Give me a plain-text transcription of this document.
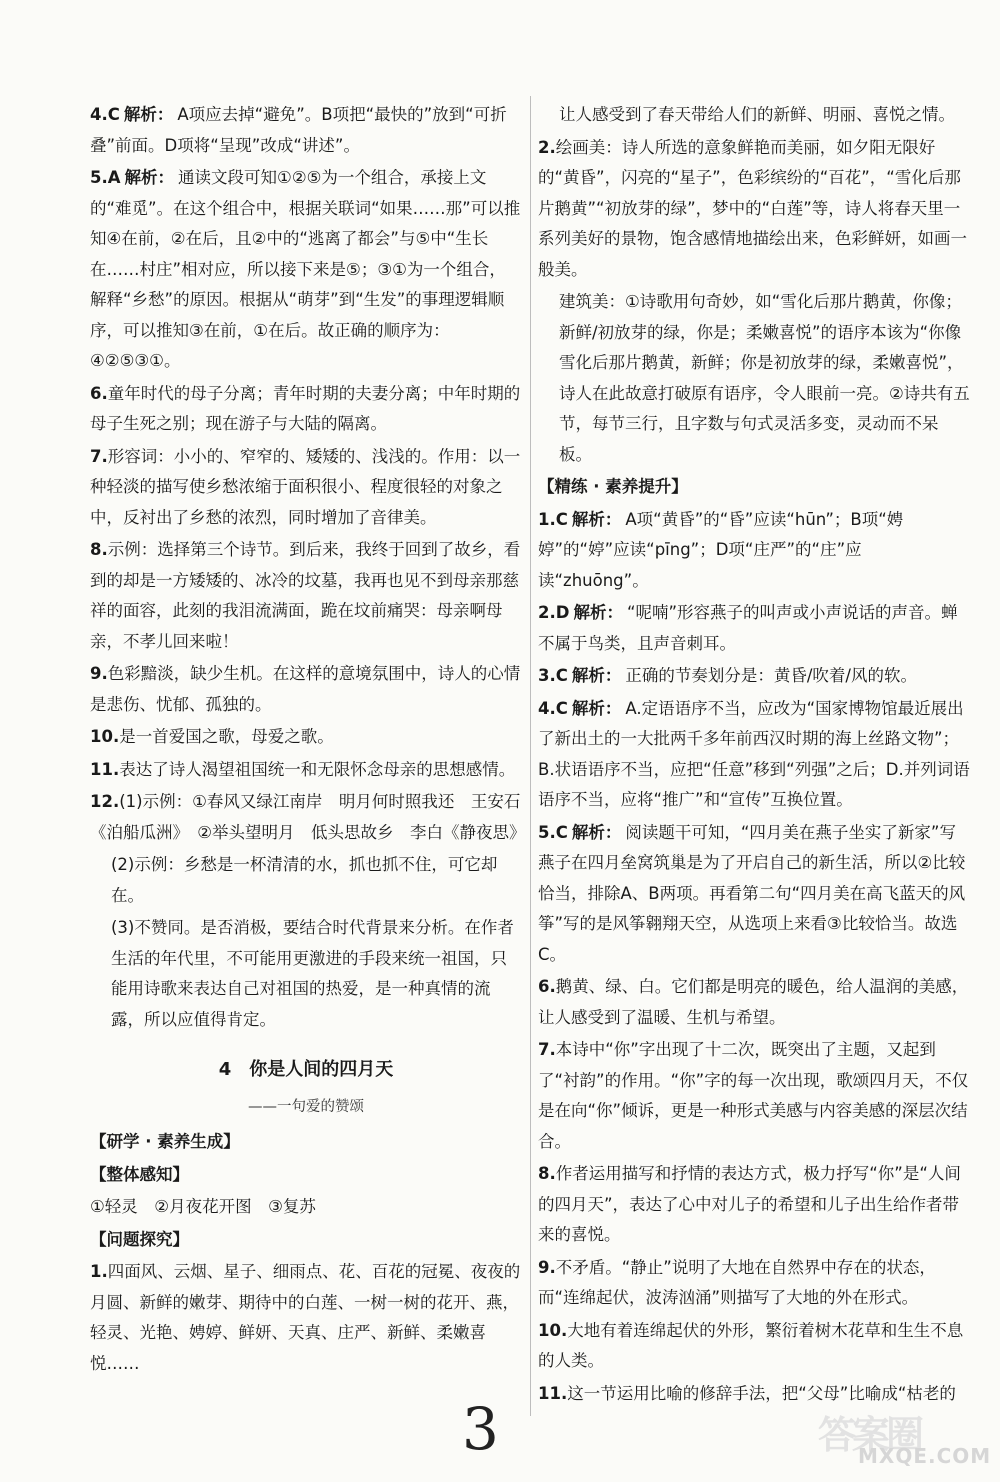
4.C 解析： A项应去掉“避免”。B项把“最快的”放到“可折叠”前面。D项将“呈现”改成“讲述”。
5.A 解析： 通读文段可知①②⑤为一个组合，承接上文的“难觅”。在这个组合中，根据关联词“如果……那”可以推知④在前，②在后，且②中的“逃离了都会”与⑤中“生长在……村庄”相对应，所以接下来是⑤；③①为一个组合，解释“乡愁”的原因。根据从“萌芽”到“生发”的事理逻辑顺序，可以推知③在前，①在后。故正确的顺序为：④②⑤③①。
6.童年时代的母子分离；青年时期的夫妻分离；中年时期的母子生死之别；现在游子与大陆的隔离。
7.形容词：小小的、窄窄的、矮矮的、浅浅的。作用：以一种轻淡的描写使乡愁浓缩于面积很小、程度很轻的对象之中，反衬出了乡愁的浓烈，同时增加了音律美。
8.示例：选择第三个诗节。到后来，我终于回到了故乡，看到的却是一方矮矮的、冰冷的坟墓，我再也见不到母亲那慈祥的面容，此刻的我泪流满面，跪在坟前痛哭：母亲啊母亲，不孝儿回来啦！
9.色彩黯淡，缺少生机。在这样的意境氛围中，诗人的心情是悲伤、忧郁、孤独的。
10.是一首爱国之歌，母爱之歌。
11.表达了诗人渴望祖国统一和无限怀念母亲的思想感情。
12.(1)示例：①春风又绿江南岸　明月何时照我还　王安石《泊船瓜洲》　②举头望明月　低头思故乡　李白《静夜思》
(2)示例：乡愁是一杯清清的水，抓也抓不住，可它却在。
(3)不赞同。是否消极，要结合时代背景来分析。在作者生活的年代里，不可能用更激进的手段来统一祖国，只能用诗歌来表达自己对祖国的热爱，是一种真情的流露，所以应值得肯定。
4　你是人间的四月天
——一句爱的赞颂
【研学 · 素养生成】
【整体感知】
①轻灵　②月夜花开图　③复苏
【问题探究】
1.四面风、云烟、星子、细雨点、花、百花的冠冕、夜夜的月圆、新鲜的嫩芽、期待中的白莲、一树一树的花开、燕，轻灵、光艳、娉婷、鲜妍、天真、庄严、新鲜、柔嫩喜悦……
让人感受到了春天带给人们的新鲜、明丽、喜悦之情。
2.绘画美：诗人所选的意象鲜艳而美丽，如夕阳无限好的“黄昏”，闪亮的“星子”，色彩缤纷的“百花”，“雪化后那片鹅黄”“初放芽的绿”，梦中的“白莲”等，诗人将春天里一系列美好的景物，饱含感情地描绘出来，色彩鲜妍，如画一般美。
建筑美：①诗歌用句奇妙，如“雪化后那片鹅黄，你像；新鲜/初放芽的绿，你是；柔嫩喜悦”的语序本该为“你像雪化后那片鹅黄，新鲜；你是初放芽的绿，柔嫩喜悦”，诗人在此故意打破原有语序，令人眼前一亮。②诗共有五节，每节三行，且字数与句式灵活多变，灵动而不呆板。
【精练 · 素养提升】
1.C 解析： A项“黄昏”的“昏”应读“hūn”；B项“娉婷”的“婷”应读“pīng”；D项“庄严”的“庄”应读“zhuōng”。
2.D 解析： “呢喃”形容燕子的叫声或小声说话的声音。蝉不属于鸟类，且声音刺耳。
3.C 解析： 正确的节奏划分是：黄昏/吹着/风的软。
4.C 解析： A.定语语序不当，应改为“国家博物馆最近展出了新出土的一大批两千多年前西汉时期的海上丝路文物”；B.状语语序不当，应把“任意”移到“列强”之后；D.并列词语语序不当，应将“推广”和“宣传”互换位置。
5.C 解析： 阅读题干可知，“四月美在燕子坐实了新家”写燕子在四月垒窝筑巢是为了开启自己的新生活，所以②比较恰当，排除A、B两项。再看第二句“四月美在高飞蓝天的风筝”写的是风筝翱翔天空，从选项上来看③比较恰当。故选C。
6.鹅黄、绿、白。它们都是明亮的暖色，给人温润的美感，让人感受到了温暖、生机与希望。
7.本诗中“你”字出现了十二次，既突出了主题，又起到了“衬韵”的作用。“你”字的每一次出现，歌颂四月天，不仅是在向“你”倾诉，更是一种形式美感与内容美感的深层次结合。
8.作者运用描写和抒情的表达方式，极力抒写“你”是“人间的四月天”，表达了心中对儿子的希望和儿子出生给作者带来的喜悦。
9.不矛盾。“静止”说明了大地在自然界中存在的状态，而“连绵起伏，波涛汹涌”则描写了大地的外在形式。
10.大地有着连绵起伏的外形，繁衍着树木花草和生生不息的人类。
11.这一节运用比喻的修辞手法，把“父母”比喻成“枯老的
3	答案圈
MXQE.COM
